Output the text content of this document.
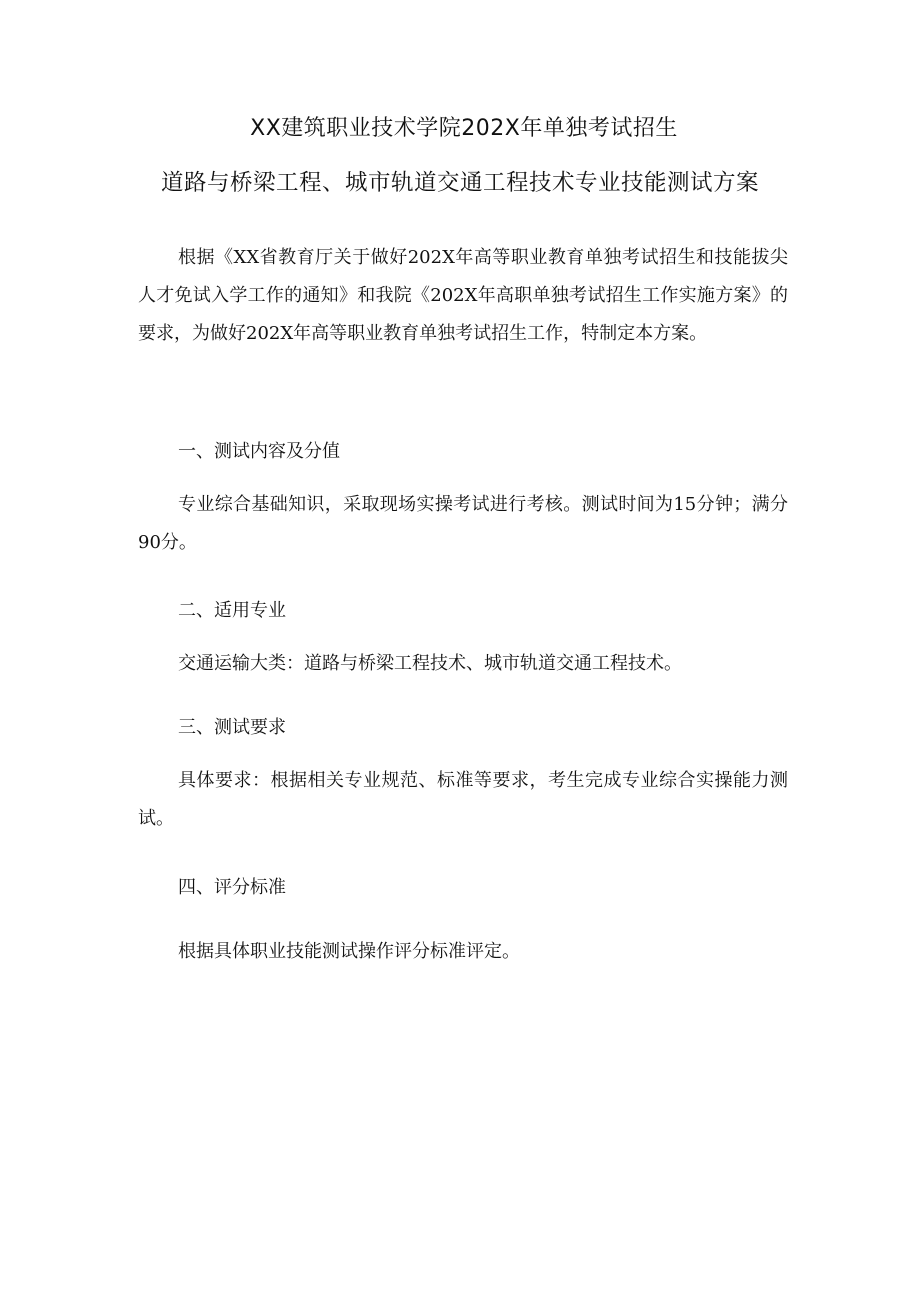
XX建筑职业技术学院202X年单独考试招生
道路与桥梁工程、城市轨道交通工程技术专业技能测试方案
根据《XX省教育厅关于做好202X年高等职业教育单独考试招生和技能拔尖人才免试入学工作的通知》和我院《202X年高职单独考试招生工作实施方案》的要求，为做好202X年高等职业教育单独考试招生工作，特制定本方案。
一、测试内容及分值
专业综合基础知识，采取现场实操考试进行考核。测试时间为15分钟；满分90分。
二、适用专业
交通运输大类：道路与桥梁工程技术、城市轨道交通工程技术。
三、测试要求
具体要求：根据相关专业规范、标准等要求，考生完成专业综合实操能力测试。
四、评分标准
根据具体职业技能测试操作评分标准评定。
